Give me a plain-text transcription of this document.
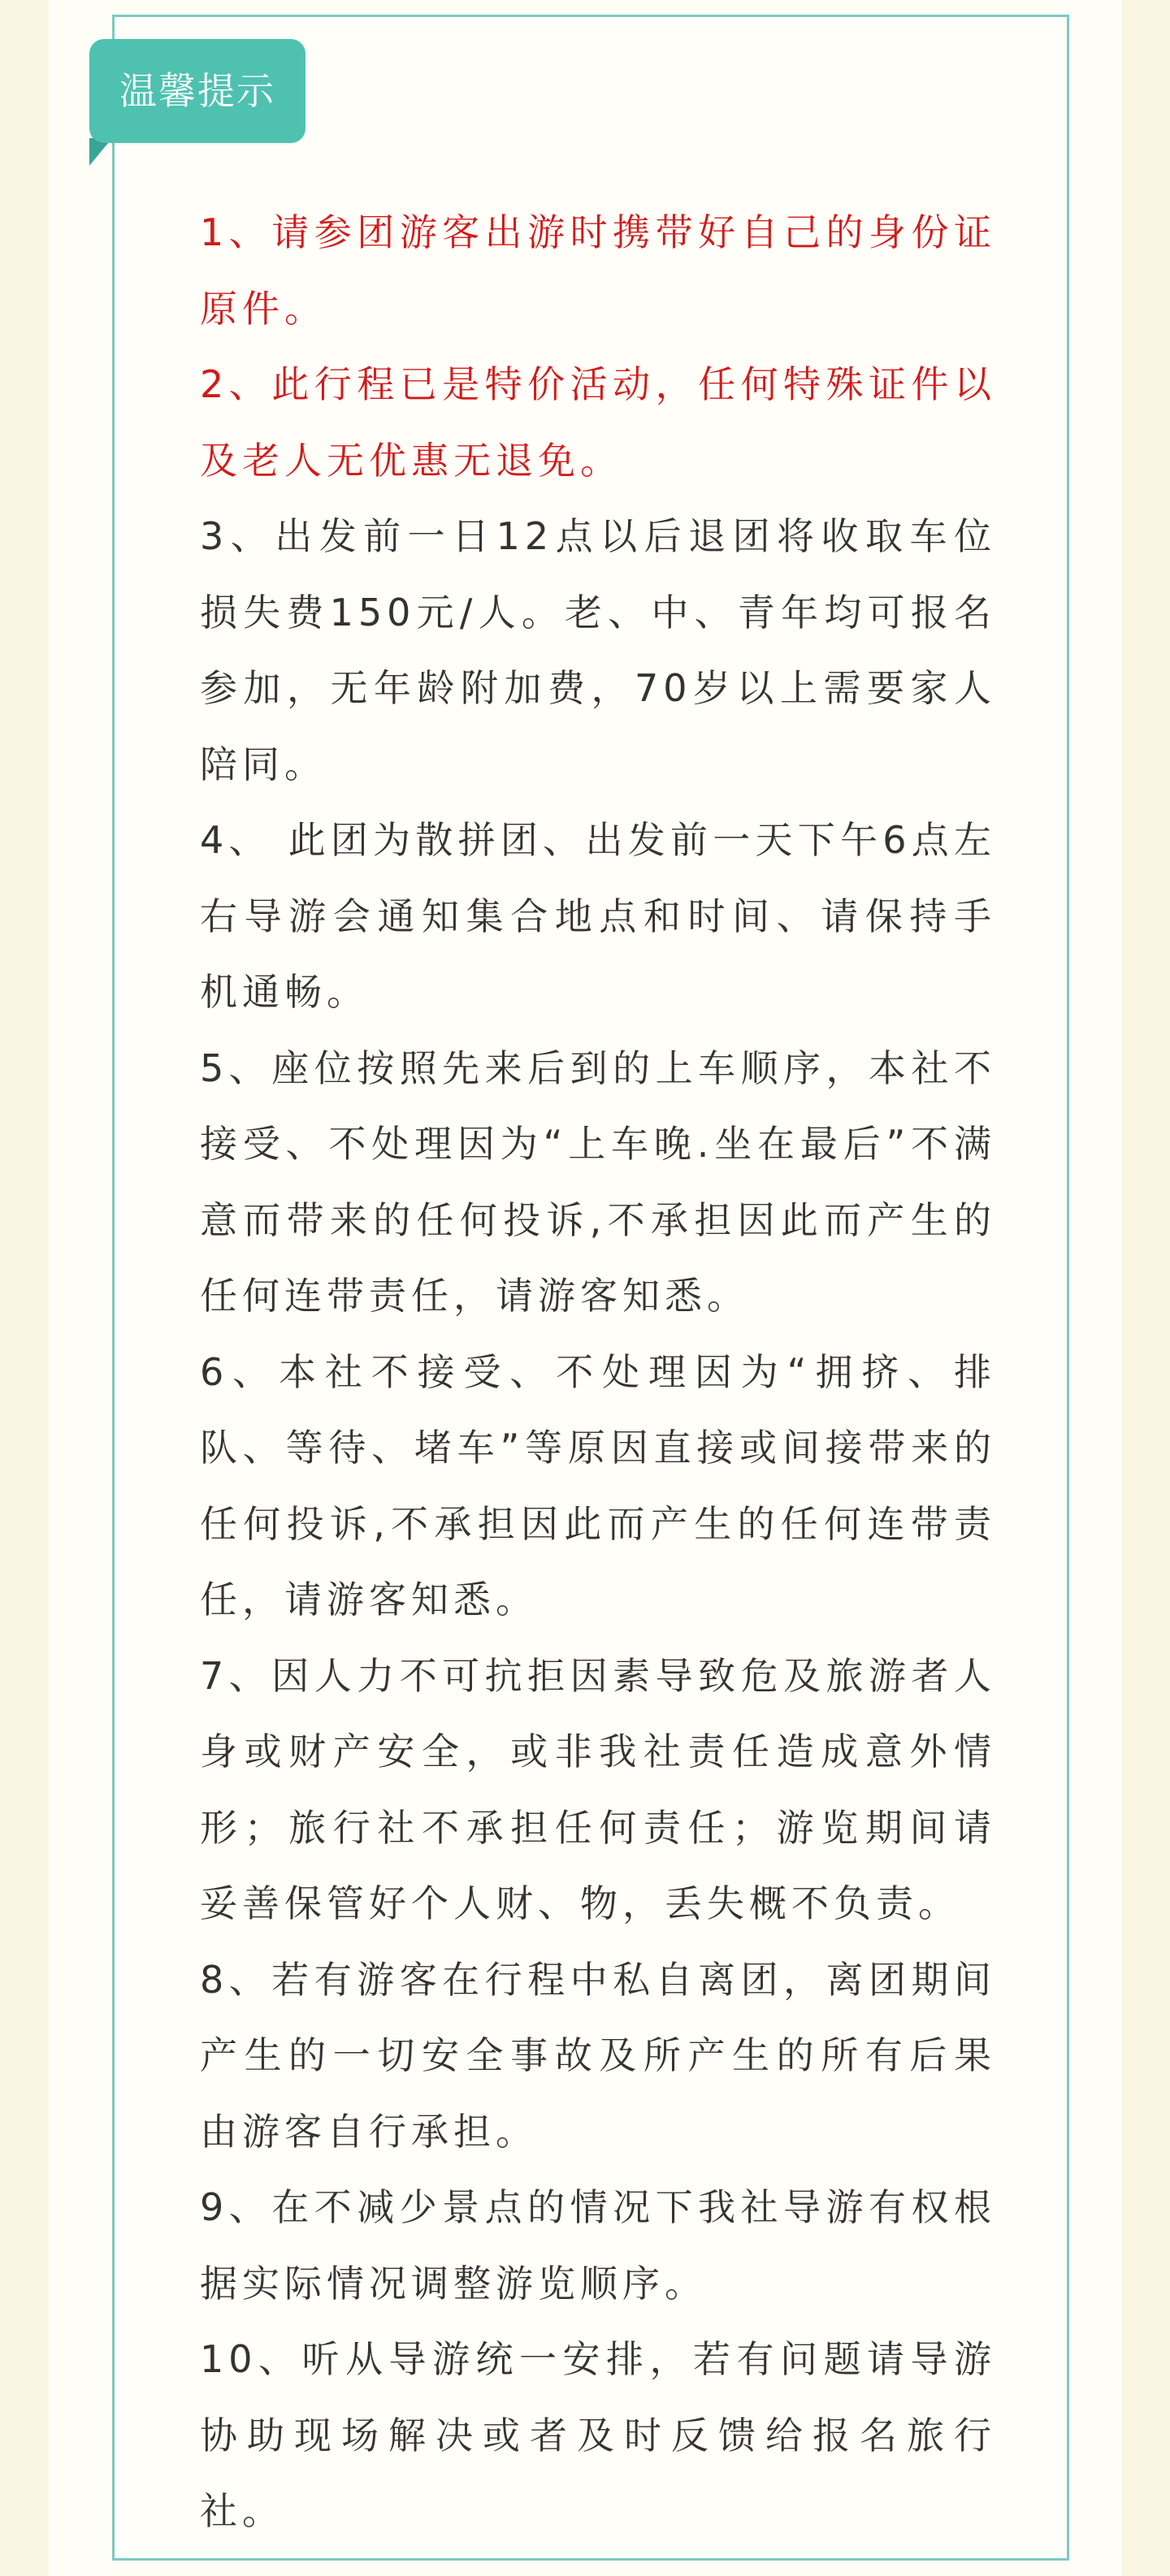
温馨提示

1、请参团游客出游时携带好自己的身份证原件。

2、此行程已是特价活动，任何特殊证件以及老人无优惠无退免。

3、出发前一日12点以后退团将收取车位损失费150元/人。老、中、青年均可报名参加，无年龄附加费，70岁以上需要家人陪同。

4、 此团为散拼团、出发前一天下午6点左右导游会通知集合地点和时间、请保持手机通畅。

5、座位按照先来后到的上车顺序，本社不接受、不处理因为“上车晚.坐在最后”不满意而带来的任何投诉,不承担因此而产生的任何连带责任，请游客知悉。

6、本社不接受、不处理因为“拥挤、排队、等待、堵车”等原因直接或间接带来的任何投诉,不承担因此而产生的任何连带责任，请游客知悉。

7、因人力不可抗拒因素导致危及旅游者人身或财产安全，或非我社责任造成意外情形；旅行社不承担任何责任；游览期间请妥善保管好个人财、物，丢失概不负责。

8、若有游客在行程中私自离团，离团期间产生的一切安全事故及所产生的所有后果由游客自行承担。

9、在不减少景点的情况下我社导游有权根据实际情况调整游览顺序。

10、听从导游统一安排，若有问题请导游协助现场解决或者及时反馈给报名旅行社。
